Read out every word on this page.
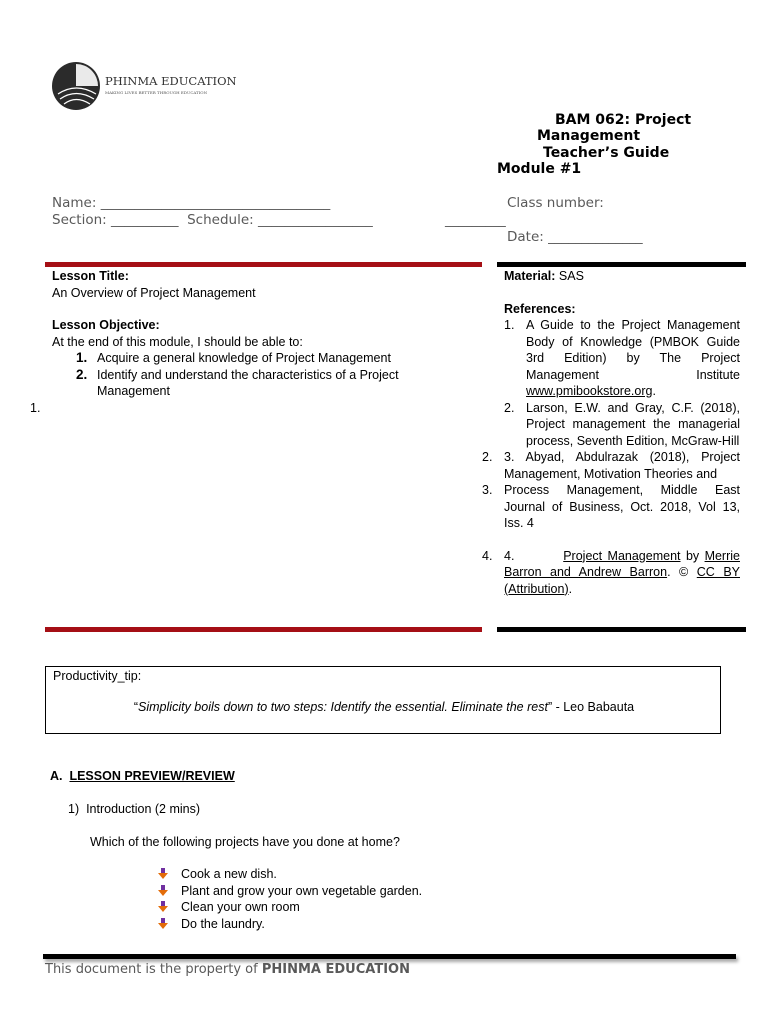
PHINMA EDUCATION
MAKING LIVES BETTER THROUGH EDUCATION
BAM 062: Project
Management
Teacher’s Guide
Module #1
Name: __________________________________
Section: __________ Schedule: _________________	_________
Class number:
Date: ______________
Lesson Title:
An Overview of Project Management
Lesson Objective:
At the end of this module, I should be able to:
1. Acquire a general knowledge of Project Management
2. Identify and understand the characteristics of a Project Management
1.
Material: SAS
References:
1. A Guide to the Project Management Body of Knowledge (PMBOK Guide 3rd Edition) by The Project Management Institute www.pmibookstore.org.
2. Larson, E.W. and Gray, C.F. (2018), Project management the managerial process, Seventh Edition, McGraw-Hill
2. 3. Abyad, Abdulrazak (2018), Project Management, Motivation Theories and
3. Process Management, Middle East Journal of Business, Oct. 2018, Vol 13, Iss. 4
4. 4.	Project Management by Merrie Barron and Andrew Barron. © CC BY (Attribution).
Productivity_tip:
“Simplicity boils down to two steps: Identify the essential. Eliminate the rest” - Leo Babauta
A. LESSON PREVIEW/REVIEW
1) Introduction (2 mins)
Which of the following projects have you done at home?
Cook a new dish.
Plant and grow your own vegetable garden.
Clean your own room
Do the laundry.
This document is the property of PHINMA EDUCATION
